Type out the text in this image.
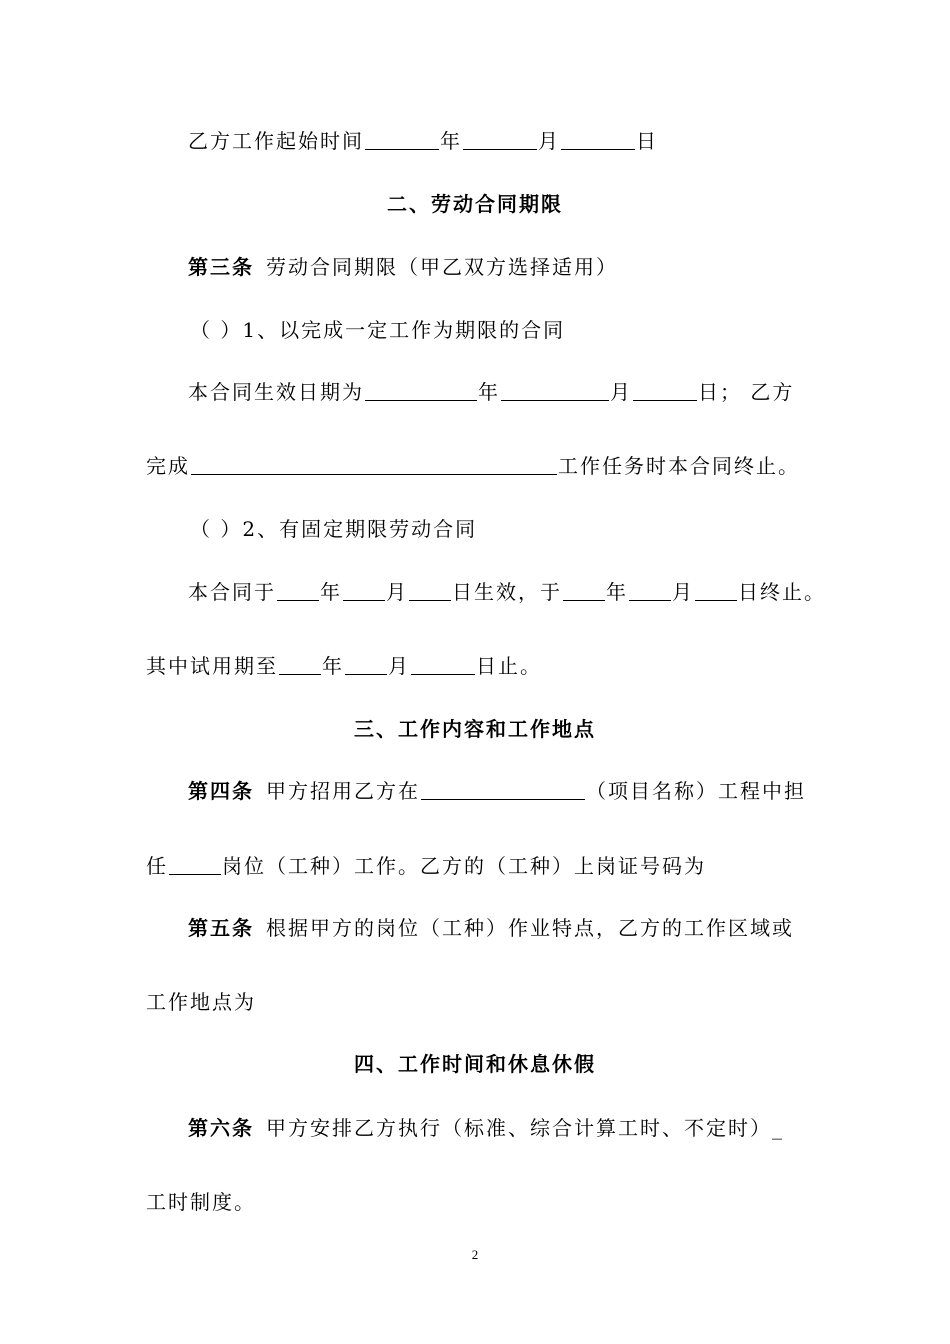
乙方工作起始时间	年	月	日
二、劳动合同期限
第三条 劳动合同期限（甲乙双方选择适用）
（ ）1、以完成一定工作为期限的合同
本合同生效日期为	年	月	日； 乙方
完成	工作任务时本合同终止。
（ ）2、有固定期限劳动合同
本合同于 年 月 日生效，于 年 月 日终止。
其中试用期至 年 月	日止。
三、工作内容和工作地点
第四条 甲方招用乙方在	（项目名称）工程中担
任	岗位（工种）工作。乙方的（工种）上岗证号码为
第五条 根据甲方的岗位（工种）作业特点，乙方的工作区域或
工作地点为
四、工作时间和休息休假
第六条 甲方安排乙方执行（标准、综合计算工时、不定时）_
工时制度。
2
